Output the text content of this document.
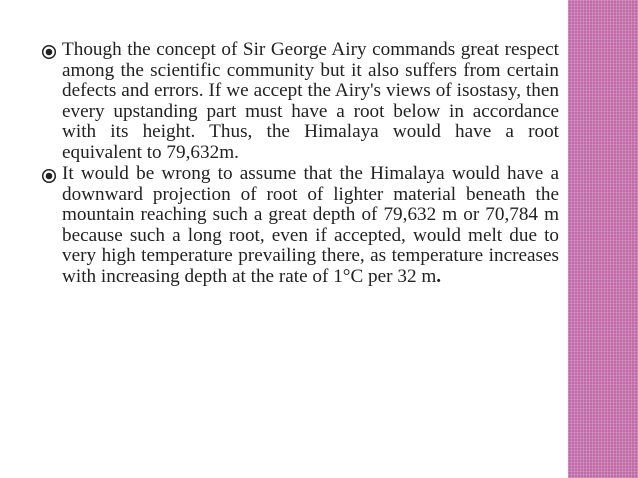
Though the concept of Sir George Airy commands great respect among the scientific community but it also suffers from certain defects and errors. If we accept the Airy's views of isostasy, then every upstanding part must have a root below in accordance with its height. Thus, the Himalaya would have a root equivalent to 79,632m.
It would be wrong to assume that the Himalaya would have a downward projection of root of lighter material beneath the mountain reaching such a great depth of 79,632 m or 70,784 m because such a long root, even if accepted, would melt due to very high temperature prevailing there, as temperature increases with increasing depth at the rate of 1°C per 32 m.
